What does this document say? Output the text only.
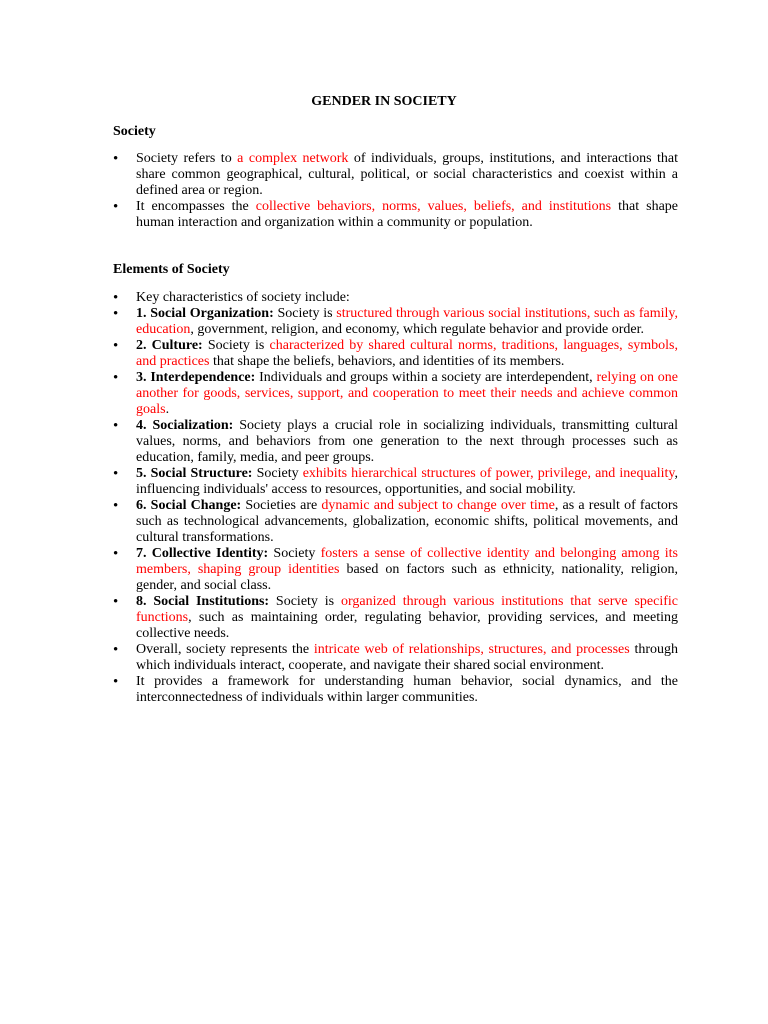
GENDER IN SOCIETY
Society
• Society refers to a complex network of individuals, groups, institutions, and interactions that share common geographical, cultural, political, or social characteristics and coexist within a defined area or region.
• It encompasses the collective behaviors, norms, values, beliefs, and institutions that shape human interaction and organization within a community or population.
Elements of Society
• Key characteristics of society include:
• 1. Social Organization: Society is structured through various social institutions, such as family, education, government, religion, and economy, which regulate behavior and provide order.
• 2. Culture: Society is characterized by shared cultural norms, traditions, languages, symbols, and practices that shape the beliefs, behaviors, and identities of its members.
• 3. Interdependence: Individuals and groups within a society are interdependent, relying on one another for goods, services, support, and cooperation to meet their needs and achieve common goals.
• 4. Socialization: Society plays a crucial role in socializing individuals, transmitting cultural values, norms, and behaviors from one generation to the next through processes such as education, family, media, and peer groups.
• 5. Social Structure: Society exhibits hierarchical structures of power, privilege, and inequality, influencing individuals' access to resources, opportunities, and social mobility.
• 6. Social Change: Societies are dynamic and subject to change over time, as a result of factors such as technological advancements, globalization, economic shifts, political movements, and cultural transformations.
• 7. Collective Identity: Society fosters a sense of collective identity and belonging among its members, shaping group identities based on factors such as ethnicity, nationality, religion, gender, and social class.
• 8. Social Institutions: Society is organized through various institutions that serve specific functions, such as maintaining order, regulating behavior, providing services, and meeting collective needs.
• Overall, society represents the intricate web of relationships, structures, and processes through which individuals interact, cooperate, and navigate their shared social environment.
• It provides a framework for understanding human behavior, social dynamics, and the interconnectedness of individuals within larger communities.
